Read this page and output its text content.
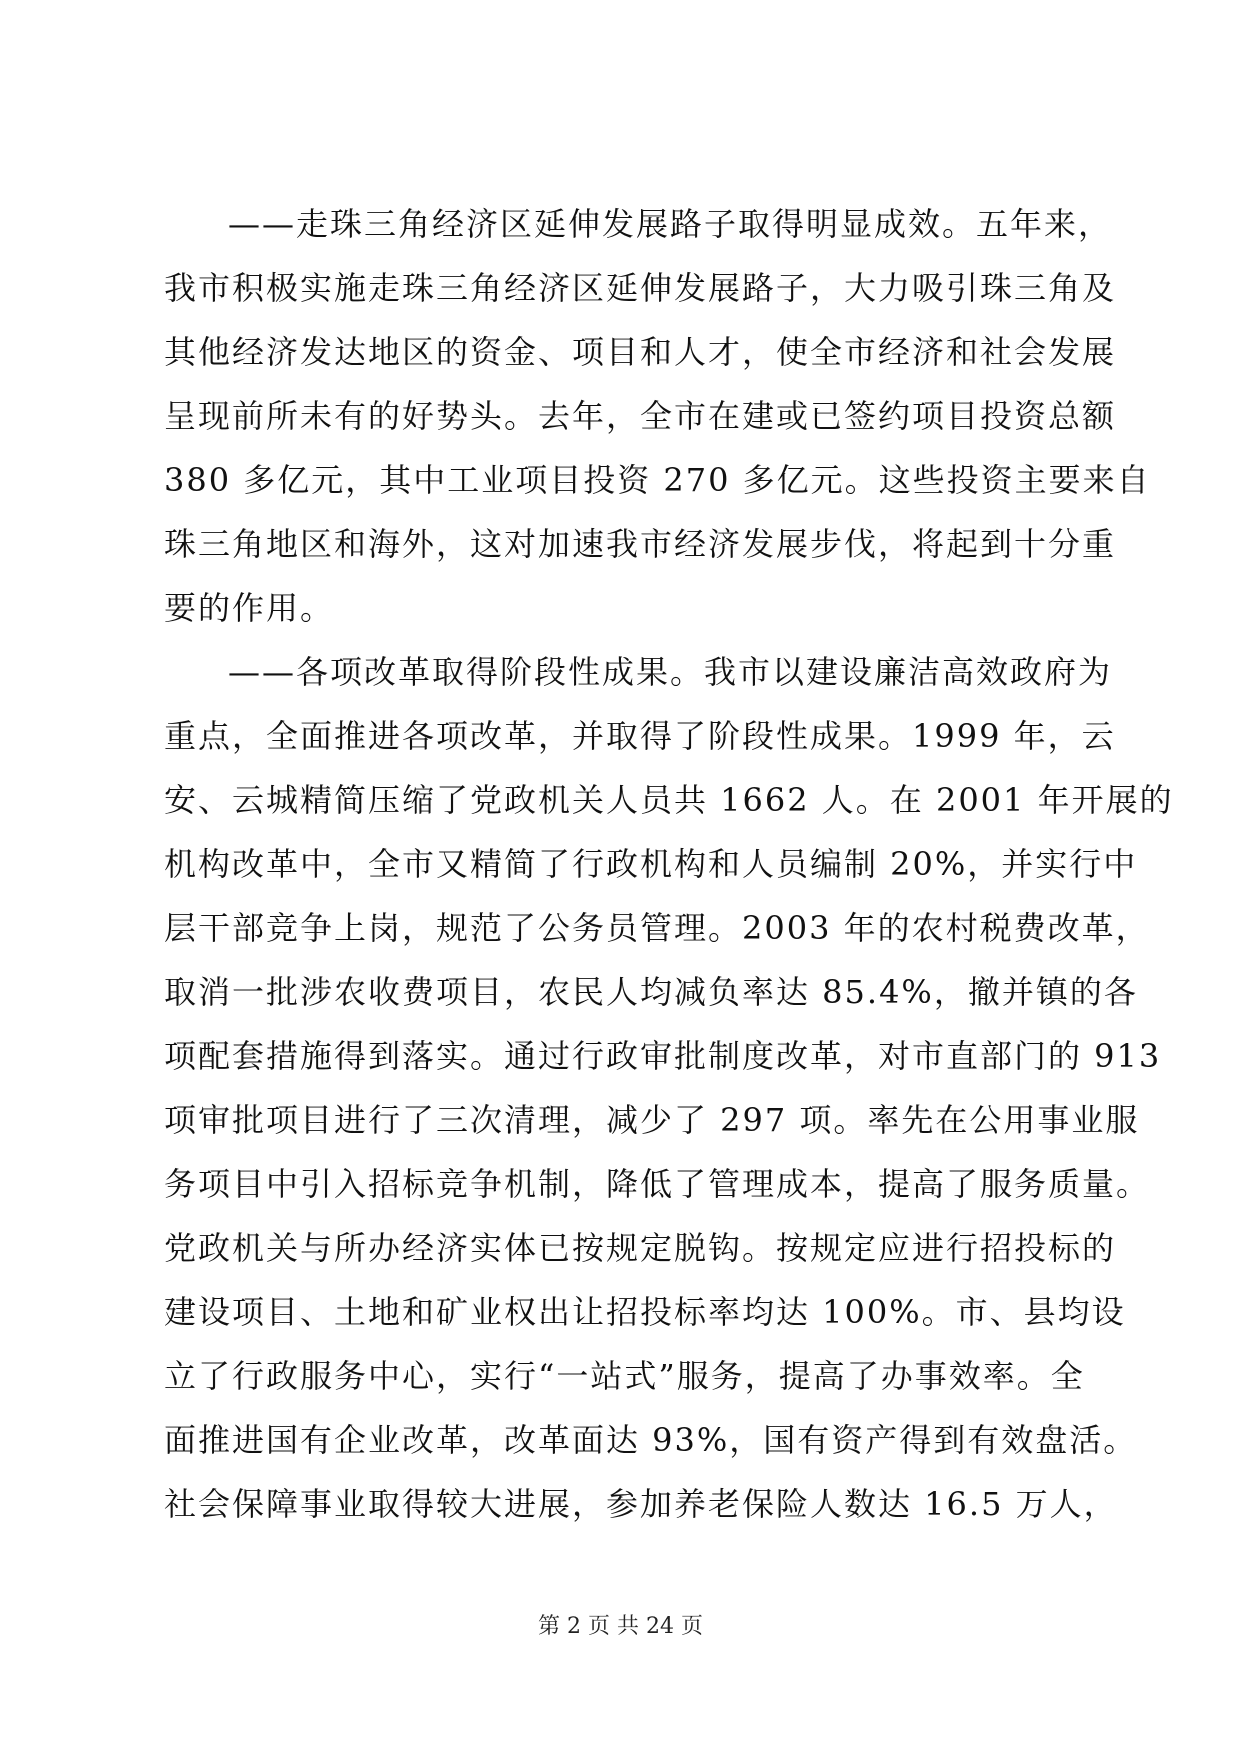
——走珠三角经济区延伸发展路子取得明显成效。五年来，
我市积极实施走珠三角经济区延伸发展路子，大力吸引珠三角及
其他经济发达地区的资金、项目和人才，使全市经济和社会发展
呈现前所未有的好势头。去年，全市在建或已签约项目投资总额
380 多亿元，其中工业项目投资 270 多亿元。这些投资主要来自
珠三角地区和海外，这对加速我市经济发展步伐，将起到十分重
要的作用。
——各项改革取得阶段性成果。我市以建设廉洁高效政府为
重点，全面推进各项改革，并取得了阶段性成果。1999 年，云
安、云城精简压缩了党政机关人员共 1662 人。在 2001 年开展的
机构改革中，全市又精简了行政机构和人员编制 20%，并实行中
层干部竞争上岗，规范了公务员管理。2003 年的农村税费改革，
取消一批涉农收费项目，农民人均减负率达 85.4%，撤并镇的各
项配套措施得到落实。通过行政审批制度改革，对市直部门的 913
项审批项目进行了三次清理，减少了 297 项。率先在公用事业服
务项目中引入招标竞争机制，降低了管理成本，提高了服务质量。
党政机关与所办经济实体已按规定脱钩。按规定应进行招投标的
建设项目、土地和矿业权出让招投标率均达 100%。市、县均设
立了行政服务中心，实行“一站式”服务，提高了办事效率。全
面推进国有企业改革，改革面达 93%，国有资产得到有效盘活。
社会保障事业取得较大进展，参加养老保险人数达 16.5 万人，
第 2 页 共 24 页
